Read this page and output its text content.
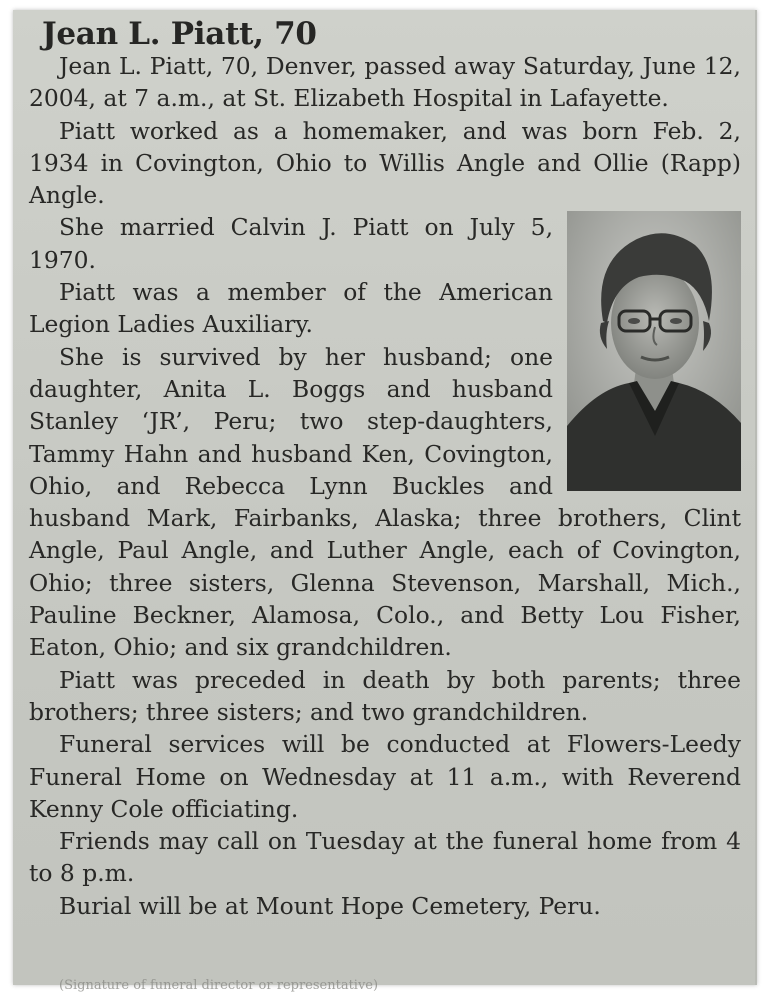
Jean L. Piatt, 70

Jean L. Piatt, 70, Denver, passed away Saturday, June 12, 2004, at 7 a.m., at St. Elizabeth Hospital in Lafayette.

Piatt worked as a homemaker, and was born Feb. 2, 1934 in Covington, Ohio to Willis Angle and Ollie (Rapp) Angle.

She married Calvin J. Piatt on July 5, 1970.

Piatt was a member of the American Legion Ladies Auxiliary.

She is survived by her husband; one daughter, Anita L. Boggs and husband Stanley ‘JR’, Peru; two step-daughters, Tammy Hahn and husband Ken, Covington, Ohio, and Rebecca Lynn Buckles and husband Mark, Fairbanks, Alaska; three brothers, Clint Angle, Paul Angle, and Luther Angle, each of Covington, Ohio; three sisters, Glenna Stevenson, Marshall, Mich., Pauline Beckner, Alamosa, Colo., and Betty Lou Fisher, Eaton, Ohio; and six grandchildren.

Piatt was preceded in death by both parents; three brothers; three sisters; and two grandchildren.

Funeral services will be conducted at Flowers-Leedy Funeral Home on Wednesday at 11 a.m., with Reverend Kenny Cole officiating.

Friends may call on Tuesday at the funeral home from 4 to 8 p.m.

Burial will be at Mount Hope Cemetery, Peru.

(Signature of funeral director or representative)
